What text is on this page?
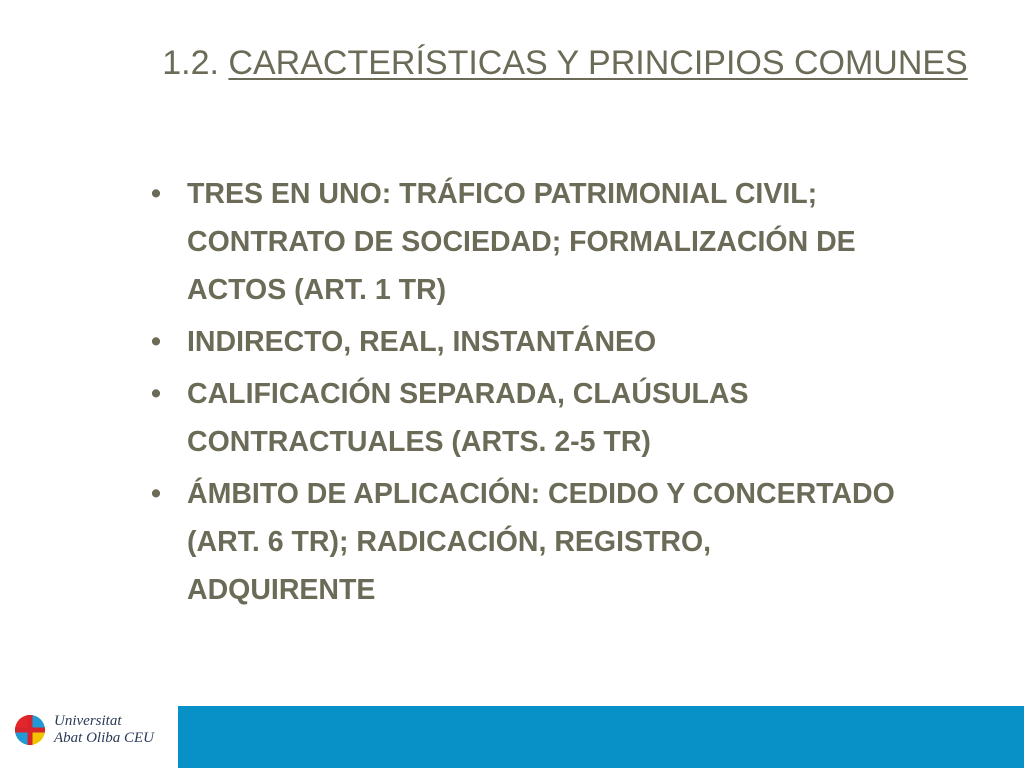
1.2. CARACTERÍSTICAS Y PRINCIPIOS COMUNES
• TRES EN UNO: TRÁFICO PATRIMONIAL CIVIL; CONTRATO DE SOCIEDAD; FORMALIZACIÓN DE ACTOS (ART. 1 TR)
• INDIRECTO, REAL, INSTANTÁNEO
• CALIFICACIÓN SEPARADA, CLAÚSULAS CONTRACTUALES (ARTS. 2-5 TR)
• ÁMBITO DE APLICACIÓN: CEDIDO Y CONCERTADO (ART. 6 TR); RADICACIÓN, REGISTRO, ADQUIRENTE
Universitat
Abat Oliba CEU
